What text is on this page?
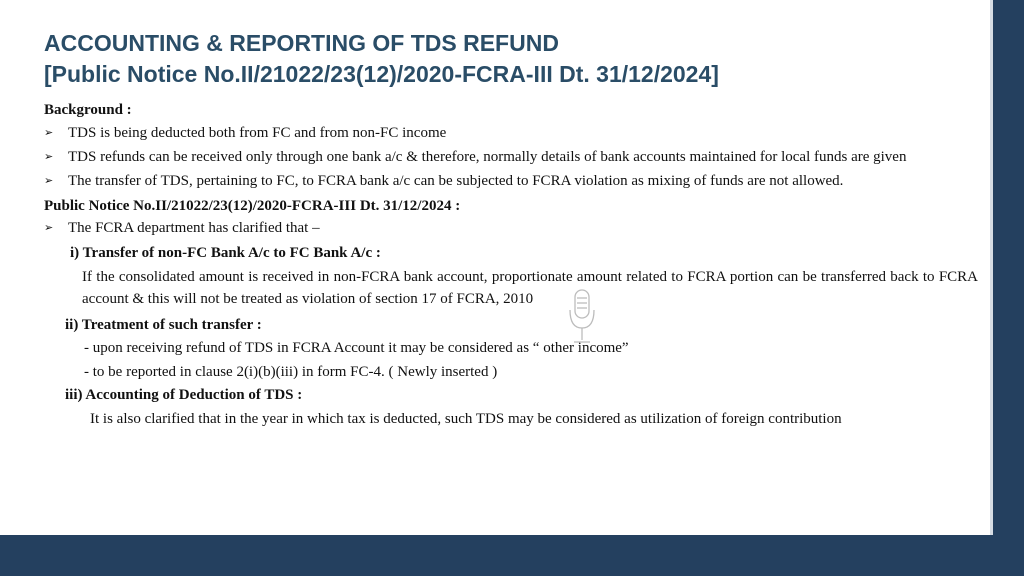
ACCOUNTING & REPORTING OF TDS REFUND
[Public Notice No.II/21022/23(12)/2020-FCRA-III Dt. 31/12/2024]
Background :
➢ TDS is being deducted both from FC and from non-FC income
➢ TDS refunds can be received only through one bank a/c & therefore, normally details of bank accounts maintained for local funds are given
➢ The transfer of TDS, pertaining to FC, to FCRA bank a/c can be subjected to FCRA violation as mixing of funds are not allowed.
Public Notice No.II/21022/23(12)/2020-FCRA-III Dt. 31/12/2024 :
➢ The FCRA department has clarified that –
i) Transfer of non-FC Bank A/c to FC Bank A/c :
If the consolidated amount is received in non-FCRA bank account, proportionate amount related to FCRA portion can be transferred back to FCRA account & this will not be treated as violation of section 17 of FCRA, 2010
ii) Treatment of such transfer :
- upon receiving refund of TDS in FCRA Account it may be considered as “ other income”
- to be reported in clause 2(i)(b)(iii) in form FC-4. ( Newly inserted )
iii) Accounting of Deduction of TDS :
It is also clarified that in the year in which tax is deducted, such TDS may be considered as utilization of foreign contribution
